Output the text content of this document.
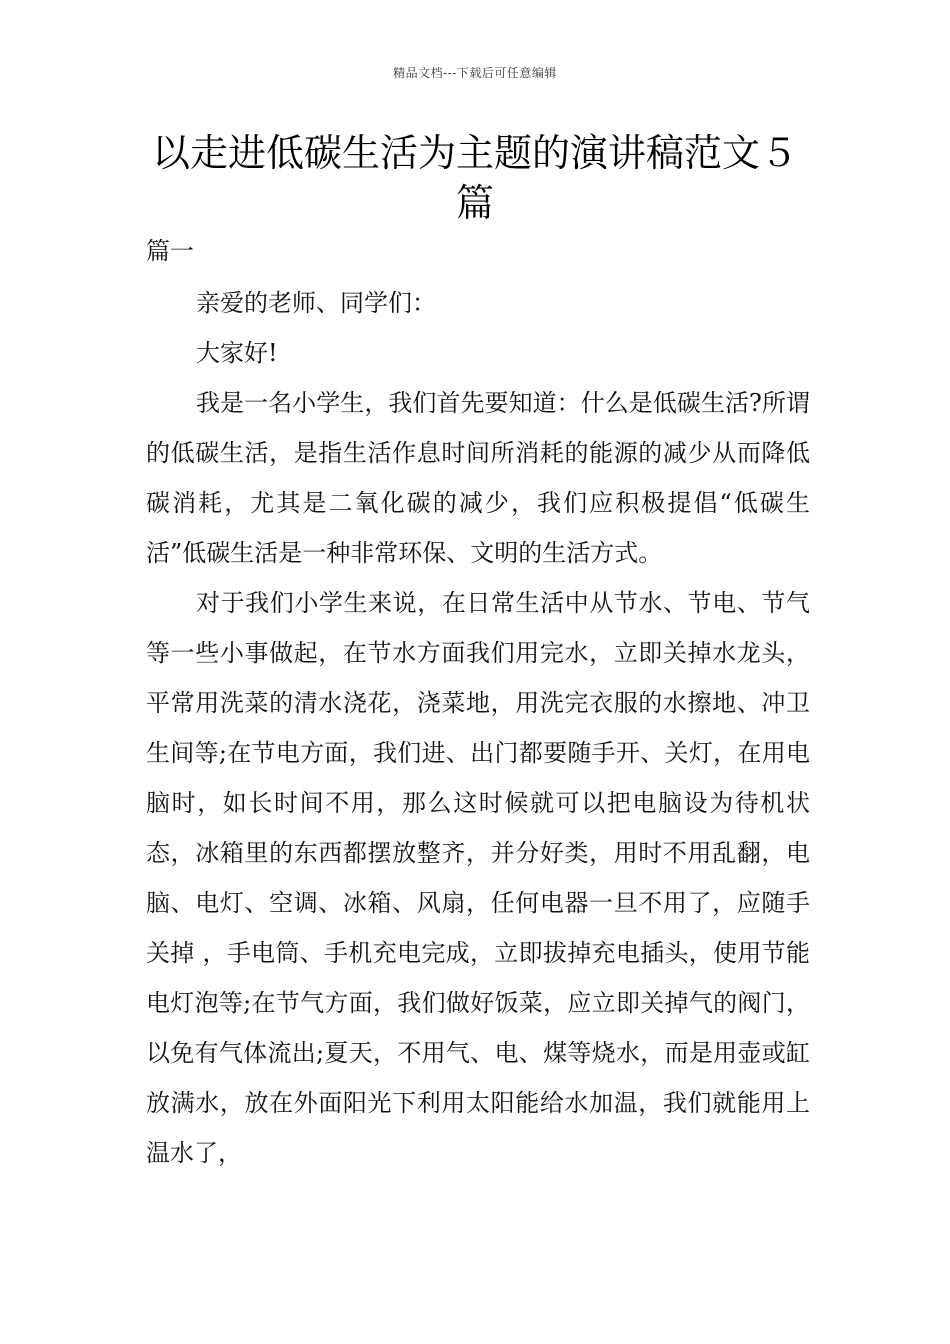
精品文档---下载后可任意编辑
以走进低碳生活为主题的演讲稿范文５篇

篇一

亲爱的老师、同学们：

大家好!

我是一名小学生，我们首先要知道：什么是低碳生活?所谓的低碳生活，是指生活作息时间所消耗的能源的减少从而降低碳消耗，尤其是二氧化碳的减少，我们应积极提倡“低碳生活”低碳生活是一种非常环保、文明的生活方式。

对于我们小学生来说，在日常生活中从节水、节电、节气等一些小事做起，在节水方面我们用完水，立即关掉水龙头，平常用洗菜的清水浇花，浇菜地，用洗完衣服的水擦地、冲卫生间等;在节电方面，我们进、出门都要随手开、关灯，在用电脑时，如长时间不用，那么这时候就可以把电脑设为待机状态，冰箱里的东西都摆放整齐，并分好类，用时不用乱翻，电脑、电灯、空调、冰箱、风扇，任何电器一旦不用了，应随手关掉 ，手电筒、手机充电完成，立即拔掉充电插头，使用节能电灯泡等;在节气方面，我们做好饭菜，应立即关掉气的阀门，以免有气体流出;夏天，不用气、电、煤等烧水，而是用壶或缸放满水，放在外面阳光下利用太阳能给水加温，我们就能用上温水了，
